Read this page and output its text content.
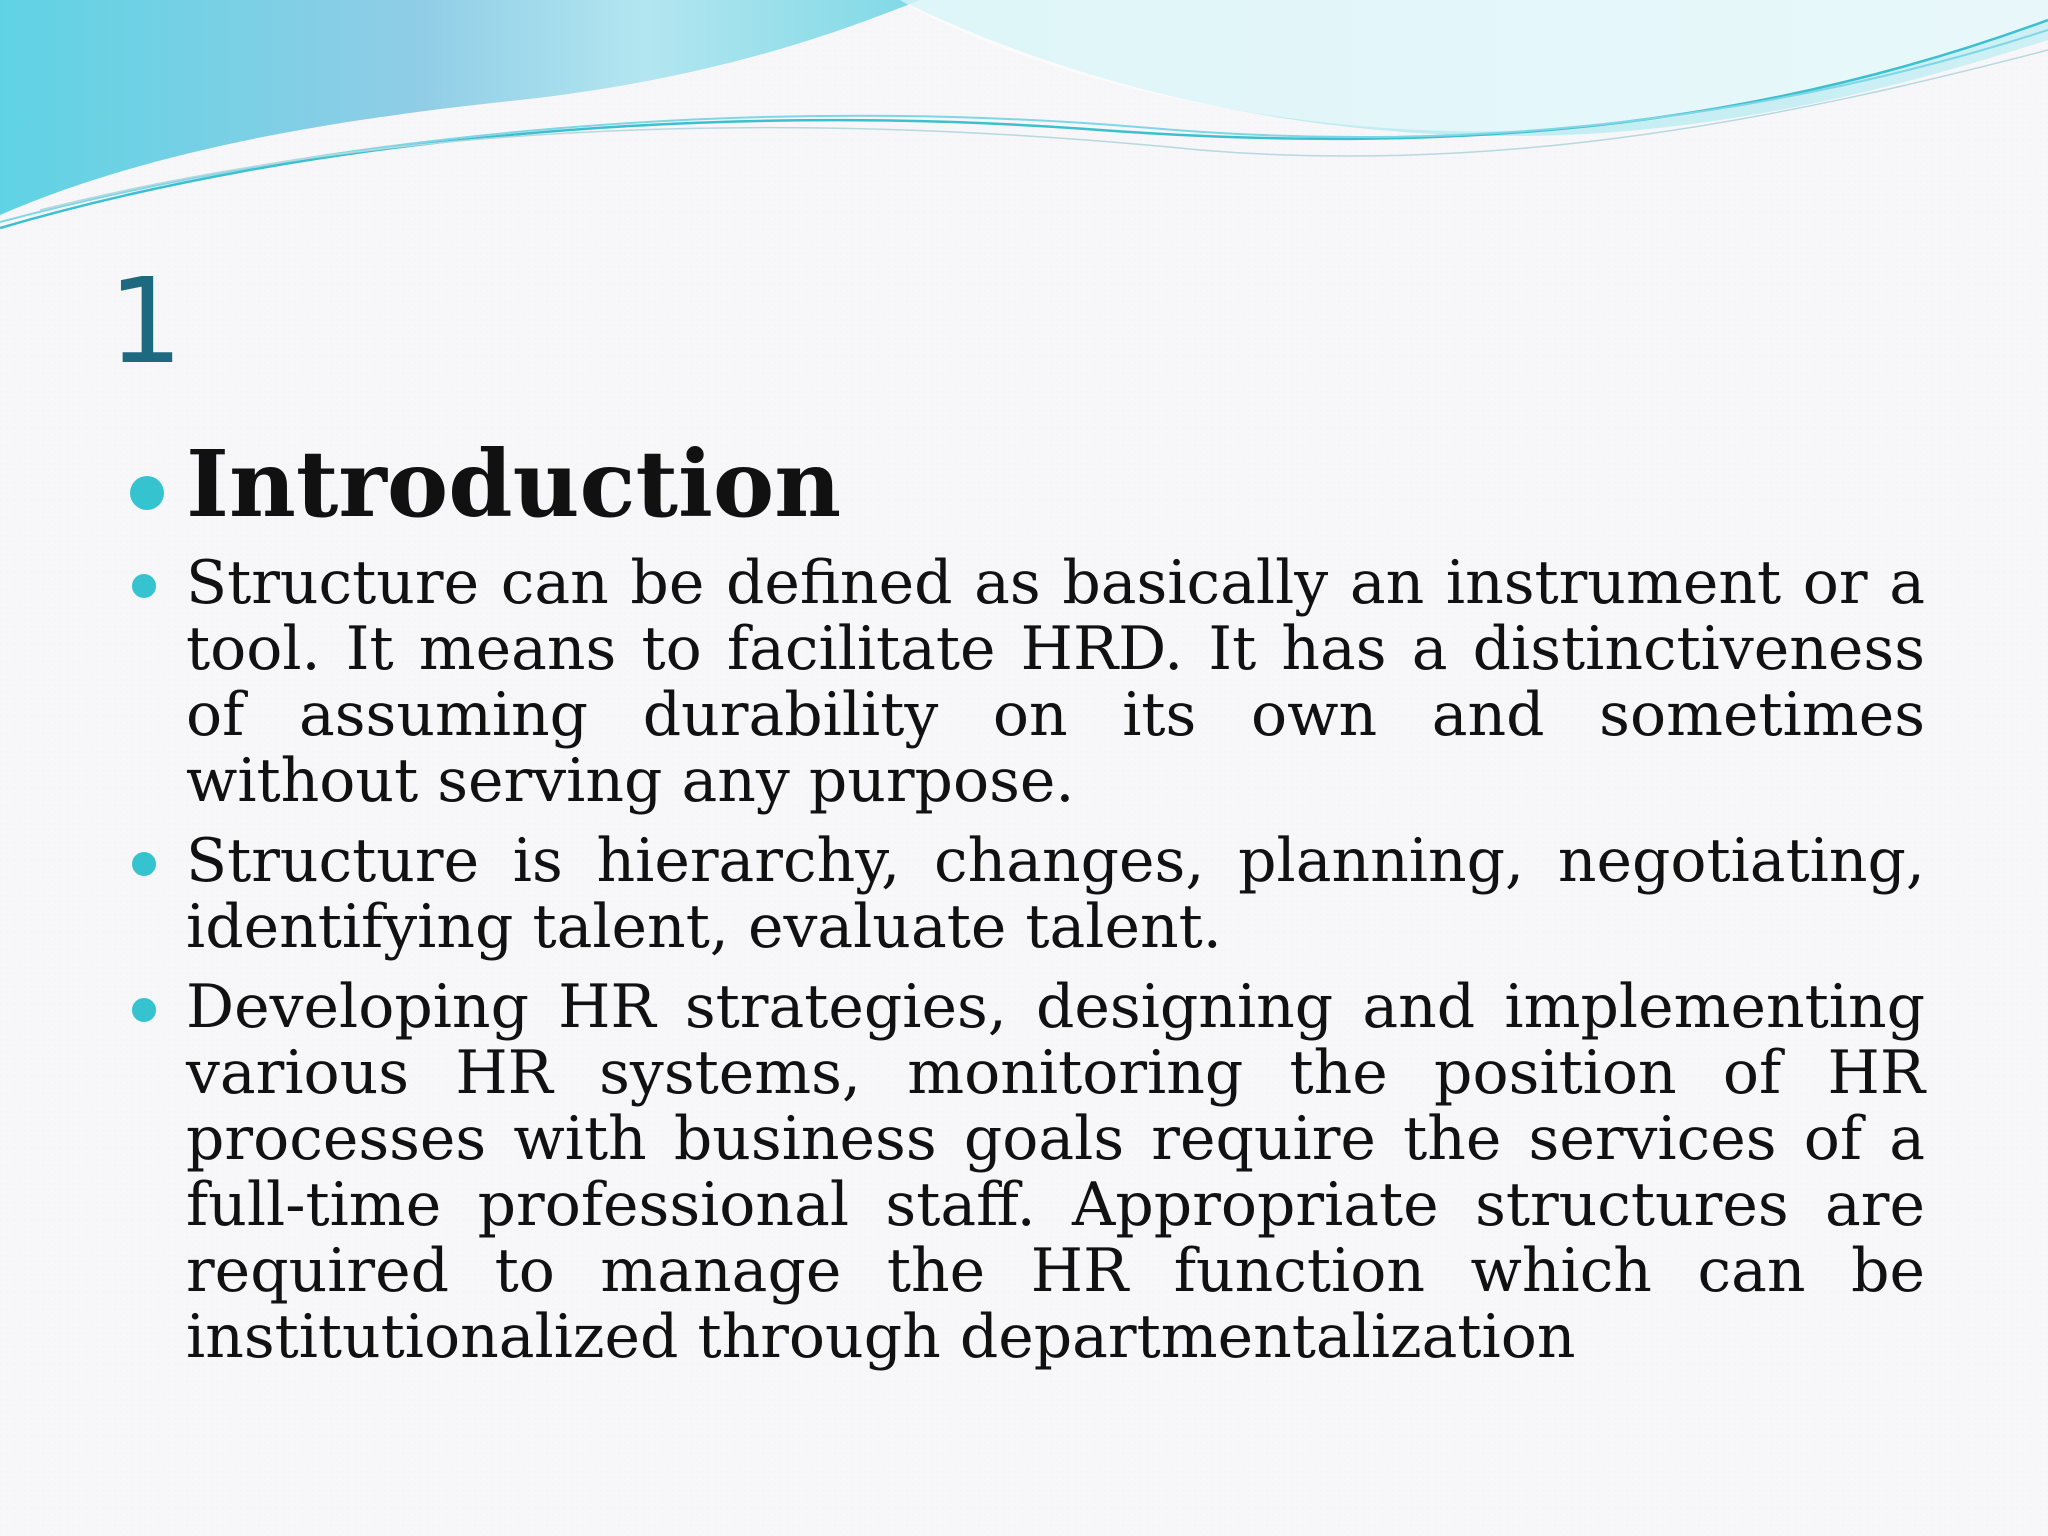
1
Introduction
Structure can be defined as basically an instrument or a tool. It means to facilitate HRD. It has a distinctiveness of assuming durability on its own and sometimes without serving any purpose.
Structure is hierarchy, changes, planning, negotiating, identifying talent, evaluate talent.
Developing HR strategies, designing and implementing various HR systems, monitoring the position of HR processes with business goals require the services of a full-time professional staff. Appropriate structures are required to manage the HR function which can be institutionalized through departmentalization
